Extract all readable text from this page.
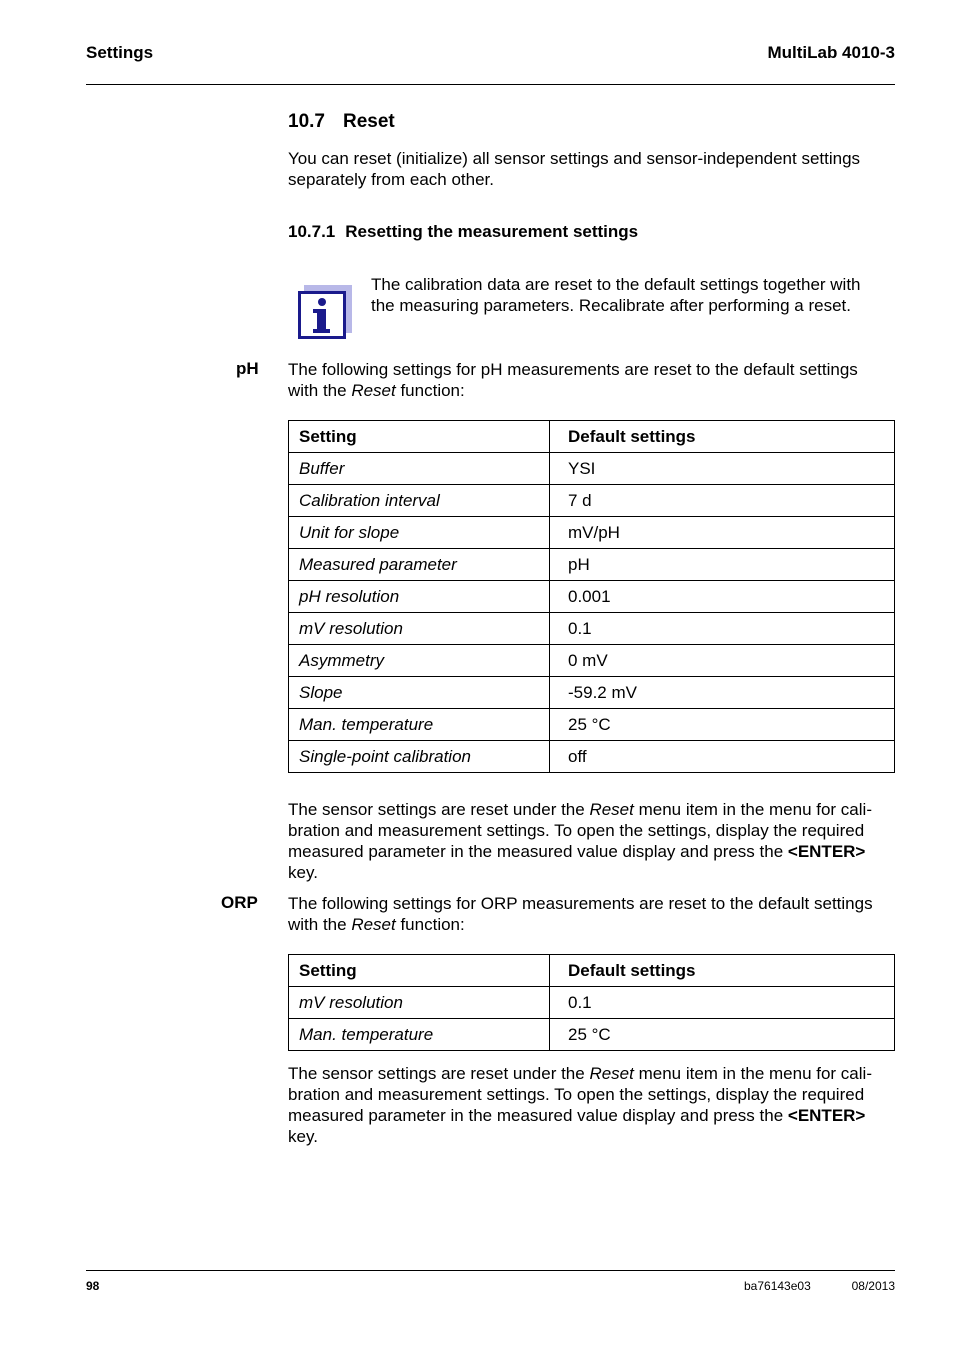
Settings	MultiLab 4010-3
10.7 Reset
You can reset (initialize) all sensor settings and sensor-independent settings
separately from each other.
10.7.1 Resetting the measurement settings
The calibration data are reset to the default settings together with
the measuring parameters. Recalibrate after performing a reset.
pH The following settings for pH measurements are reset to the default settings
with the Reset function:
Setting	Default settings
Buffer	YSI
Calibration interval	7 d
Unit for slope	mV/pH
Measured parameter	pH
pH resolution	0.001
mV resolution	0.1
Asymmetry	0 mV
Slope	-59.2 mV
Man. temperature	25 °C
Single-point calibration	off
The sensor settings are reset under the Reset menu item in the menu for cali-
bration and measurement settings. To open the settings, display the required
measured parameter in the measured value display and press the <ENTER>
key.
ORP The following settings for ORP measurements are reset to the default settings
with the Reset function:
Setting	Default settings
mV resolution	0.1
Man. temperature	25 °C
The sensor settings are reset under the Reset menu item in the menu for cali-
bration and measurement settings. To open the settings, display the required
measured parameter in the measured value display and press the <ENTER>
key.
98	ba76143e03	08/2013
